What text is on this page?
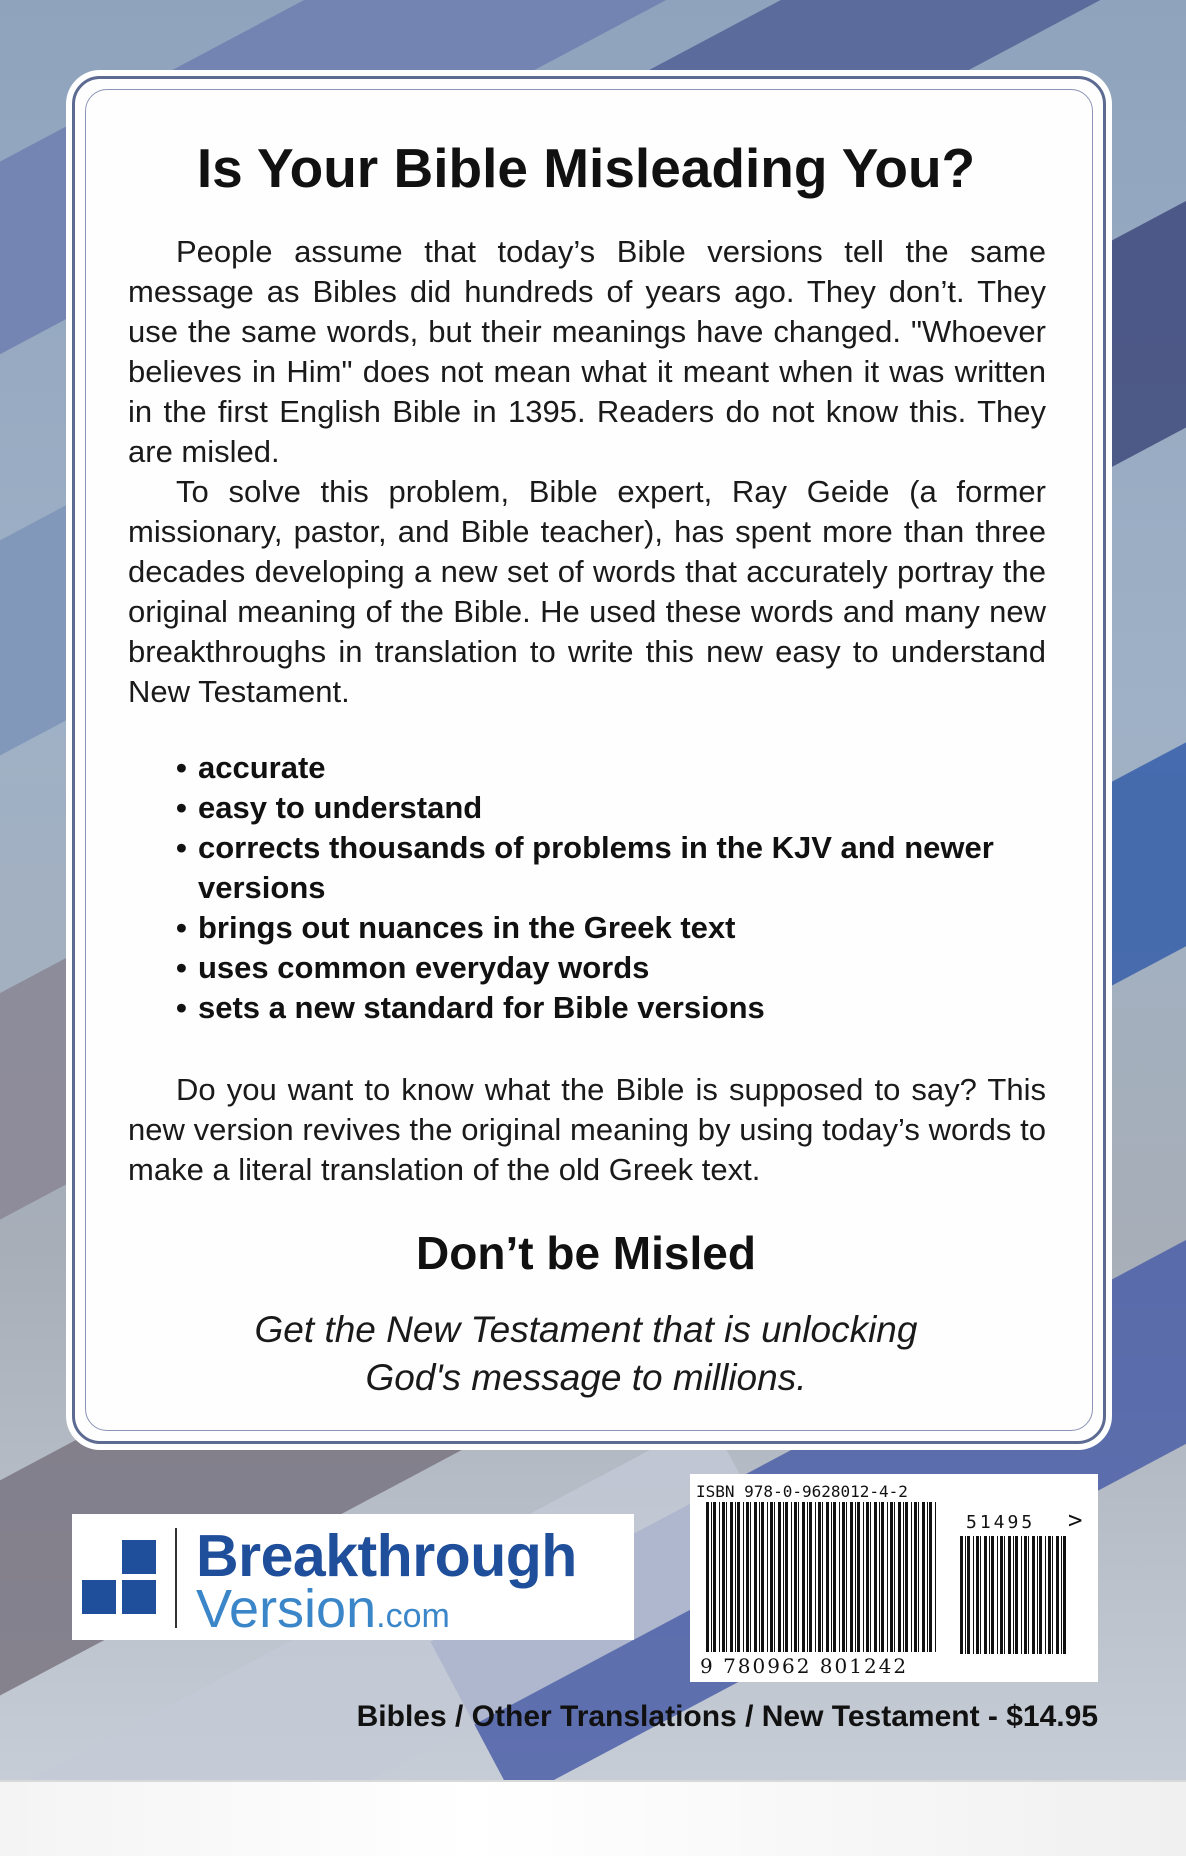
Is Your Bible Misleading You?

People assume that today’s Bible versions tell the same message as Bibles did hundreds of years ago. They don’t. They use the same words, but their meanings have changed. "Whoever believes in Him" does not mean what it meant when it was written in the first English Bible in 1395. Readers do not know this. They are misled.

To solve this problem, Bible expert, Ray Geide (a former missionary, pastor, and Bible teacher), has spent more than three decades developing a new set of words that accurately portray the original meaning of the Bible. He used these words and many new breakthroughs in translation to write this new easy to understand New Testament.

• accurate
• easy to understand
• corrects thousands of problems in the KJV and newer versions
• brings out nuances in the Greek text
• uses common everyday words
• sets a new standard for Bible versions

Do you want to know what the Bible is supposed to say? This new version revives the original meaning by using today’s words to make a literal translation of the old Greek text.

Don’t be Misled

Get the New Testament that is unlocking
God's message to millions.

Breakthrough
Version.com
ISBN 978-0-9628012-4-2
51495 >
9 780962 801242

Bibles / Other Translations / New Testament - $14.95
